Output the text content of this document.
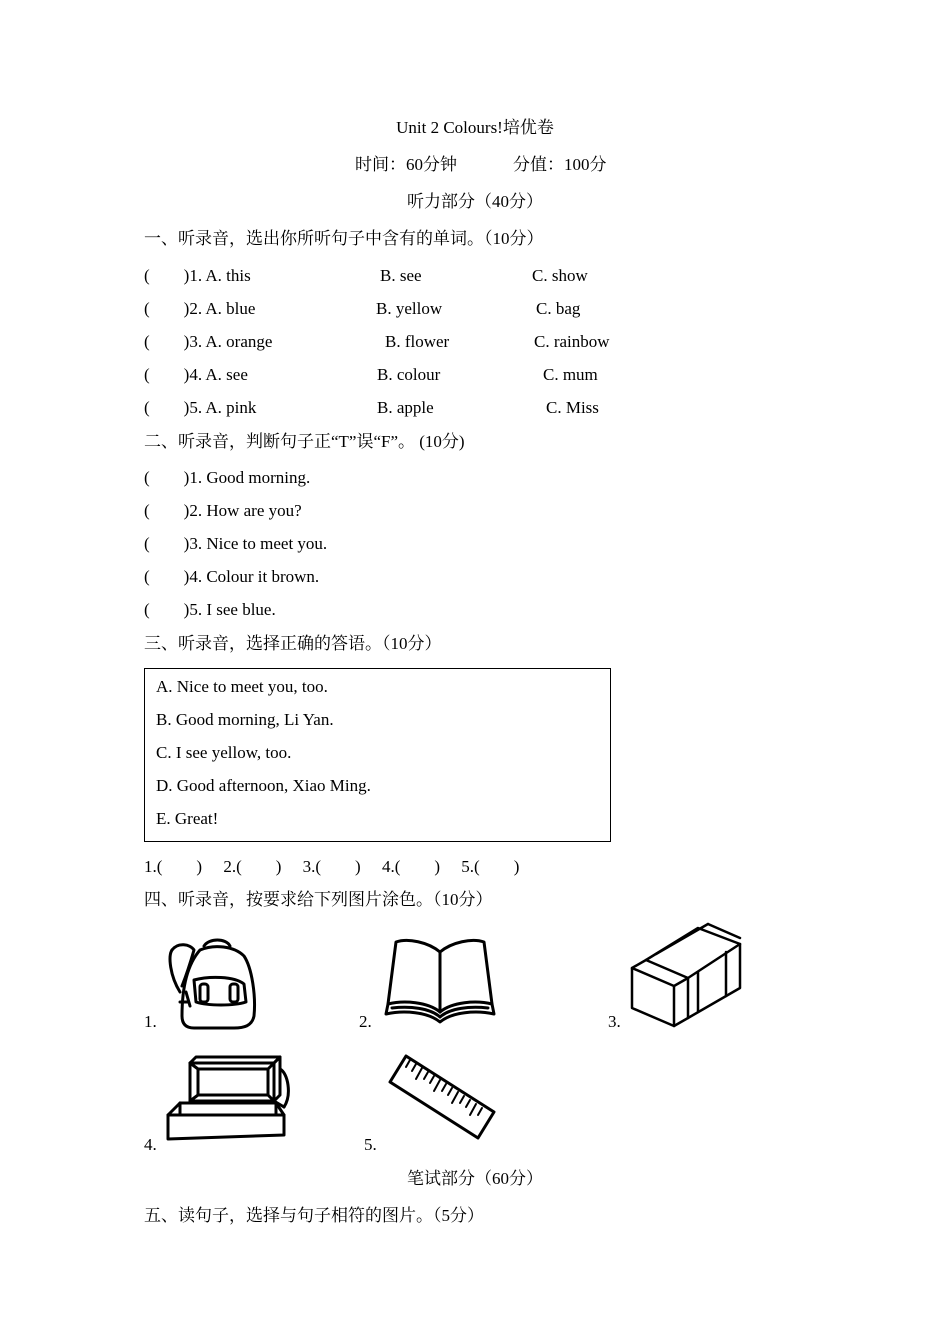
Unit 2 Colours!培优卷
时间：60分钟	分值：100分
听力部分（40分）
一、听录音，选出你所听句子中含有的单词。（10分）
(        )1. A. this	B. see	C. show
(        )2. A. blue	B. yellow	C. bag
(        )3. A. orange	B. flower	C. rainbow
(        )4. A. see	B. colour	C. mum
(        )5. A. pink	B. apple	C. Miss
二、听录音，判断句子正“T”误“F”。 (10分)
(        )1. Good morning.
(        )2. How are you?
(        )3. Nice to meet you.
(        )4. Colour it brown.
(        )5. I see blue.
三、听录音，选择正确的答语。（10分）
A. Nice to meet you, too.
B. Good morning, Li Yan.
C. I see yellow, too.
D. Good afternoon, Xiao Ming.
E. Great!
1.(        )     2.(        )     3.(        )     4.(        )     5.(        )
四、听录音，按要求给下列图片涂色。（10分）
1.	2.	3.
4.	5.
笔试部分（60分）
五、读句子，选择与句子相符的图片。（5分）
